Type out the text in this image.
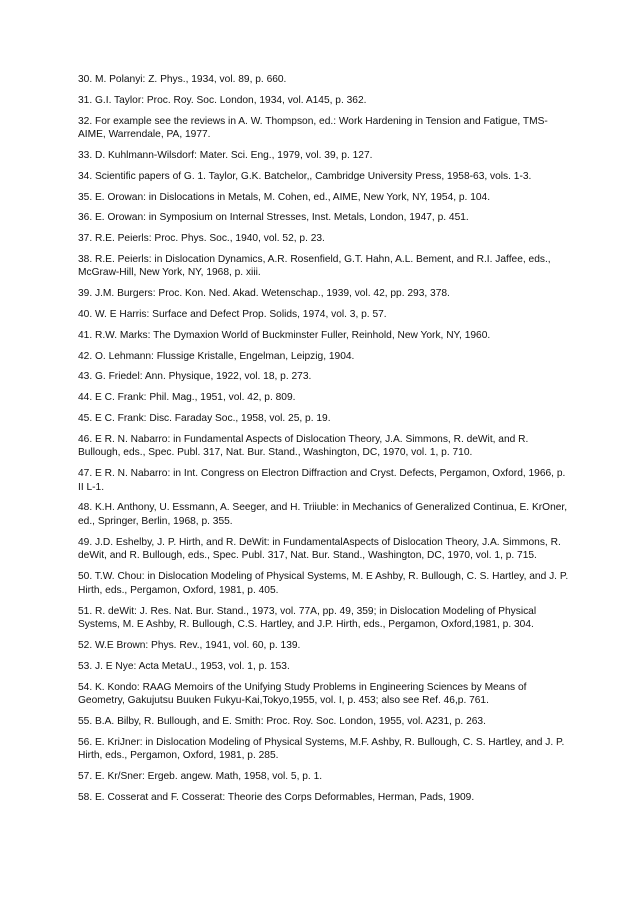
30. M. Polanyi: Z. Phys., 1934, vol. 89, p. 660.
31. G.I. Taylor: Proc. Roy. Soc. London, 1934, vol. A145, p. 362.
32. For example see the reviews in A. W. Thompson, ed.: Work Hardening in Tension and Fatigue, TMS-AIME, Warrendale, PA, 1977.
33. D. Kuhlmann-Wilsdorf: Mater. Sci. Eng., 1979, vol. 39, p. 127.
34. Scientific papers of G. 1. Taylor, G.K. Batchelor,, Cambridge University Press, 1958-63, vols. 1-3.
35. E. Orowan: in Dislocations in Metals, M. Cohen, ed., AIME, New York, NY, 1954, p. 104.
36. E. Orowan: in Symposium on Internal Stresses, Inst. Metals, London, 1947, p. 451.
37. R.E. Peierls: Proc. Phys. Soc., 1940, vol. 52, p. 23.
38. R.E. Peierls: in Dislocation Dynamics, A.R. Rosenfield, G.T. Hahn, A.L. Bement, and R.I. Jaffee, eds., McGraw-Hill, New York, NY, 1968, p. xiii.
39. J.M. Burgers: Proc. Kon. Ned. Akad. Wetenschap., 1939, vol. 42, pp. 293, 378.
40. W. E Harris: Surface and Defect Prop. Solids, 1974, vol. 3, p. 57.
41. R.W. Marks: The Dymaxion World of Buckminster Fuller, Reinhold, New York, NY, 1960.
42. O. Lehmann: Flussige Kristalle, Engelman, Leipzig, 1904.
43. G. Friedel: Ann. Physique, 1922, vol. 18, p. 273.
44. E C. Frank: Phil. Mag., 1951, vol. 42, p. 809.
45. E C. Frank: Disc. Faraday Soc., 1958, vol. 25, p. 19.
46. E R. N. Nabarro: in Fundamental Aspects of Dislocation Theory, J.A. Simmons, R. deWit, and R. Bullough, eds., Spec. Publ. 317, Nat. Bur. Stand., Washington, DC, 1970, vol. 1, p. 710.
47. E R. N. Nabarro: in Int. Congress on Electron Diffraction and Cryst. Defects, Pergamon, Oxford, 1966, p. II L-1.
48. K.H. Anthony, U. Essmann, A. Seeger, and H. Triiuble: in Mechanics of Generalized Continua, E. KrOner, ed., Springer, Berlin, 1968, p. 355.
49. J.D. Eshelby, J. P. Hirth, and R. DeWit: in FundamentalAspects of Dislocation Theory, J.A. Simmons, R. deWit, and R. Bullough, eds., Spec. Publ. 317, Nat. Bur. Stand., Washington, DC, 1970, vol. 1, p. 715.
50. T.W. Chou: in Dislocation Modeling of Physical Systems, M. E Ashby, R. Bullough, C. S. Hartley, and J. P. Hirth, eds., Pergamon, Oxford, 1981, p. 405.
51. R. deWit: J. Res. Nat. Bur. Stand., 1973, vol. 77A, pp. 49, 359; in Dislocation Modeling of Physical Systems, M. E Ashby, R. Bullough, C.S. Hartley, and J.P. Hirth, eds., Pergamon, Oxford,1981, p. 304.
52. W.E Brown: Phys. Rev., 1941, vol. 60, p. 139.
53. J. E Nye: Acta MetaU., 1953, vol. 1, p. 153.
54. K. Kondo: RAAG Memoirs of the Unifying Study Problems in Engineering Sciences by Means of Geometry, Gakujutsu Buuken Fukyu-Kai,Tokyo,1955, vol. I, p. 453; also see Ref. 46,p. 761.
55. B.A. Bilby, R. Bullough, and E. Smith: Proc. Roy. Soc. London, 1955, vol. A231, p. 263.
56. E. KriJner: in Dislocation Modeling of Physical Systems, M.F. Ashby, R. Bullough, C. S. Hartley, and J. P. Hirth, eds., Pergamon, Oxford, 1981, p. 285.
57. E. Kr/Sner: Ergeb. angew. Math, 1958, vol. 5, p. 1.
58. E. Cosserat and F. Cosserat: Theorie des Corps Deformables, Herman, Pads, 1909.
